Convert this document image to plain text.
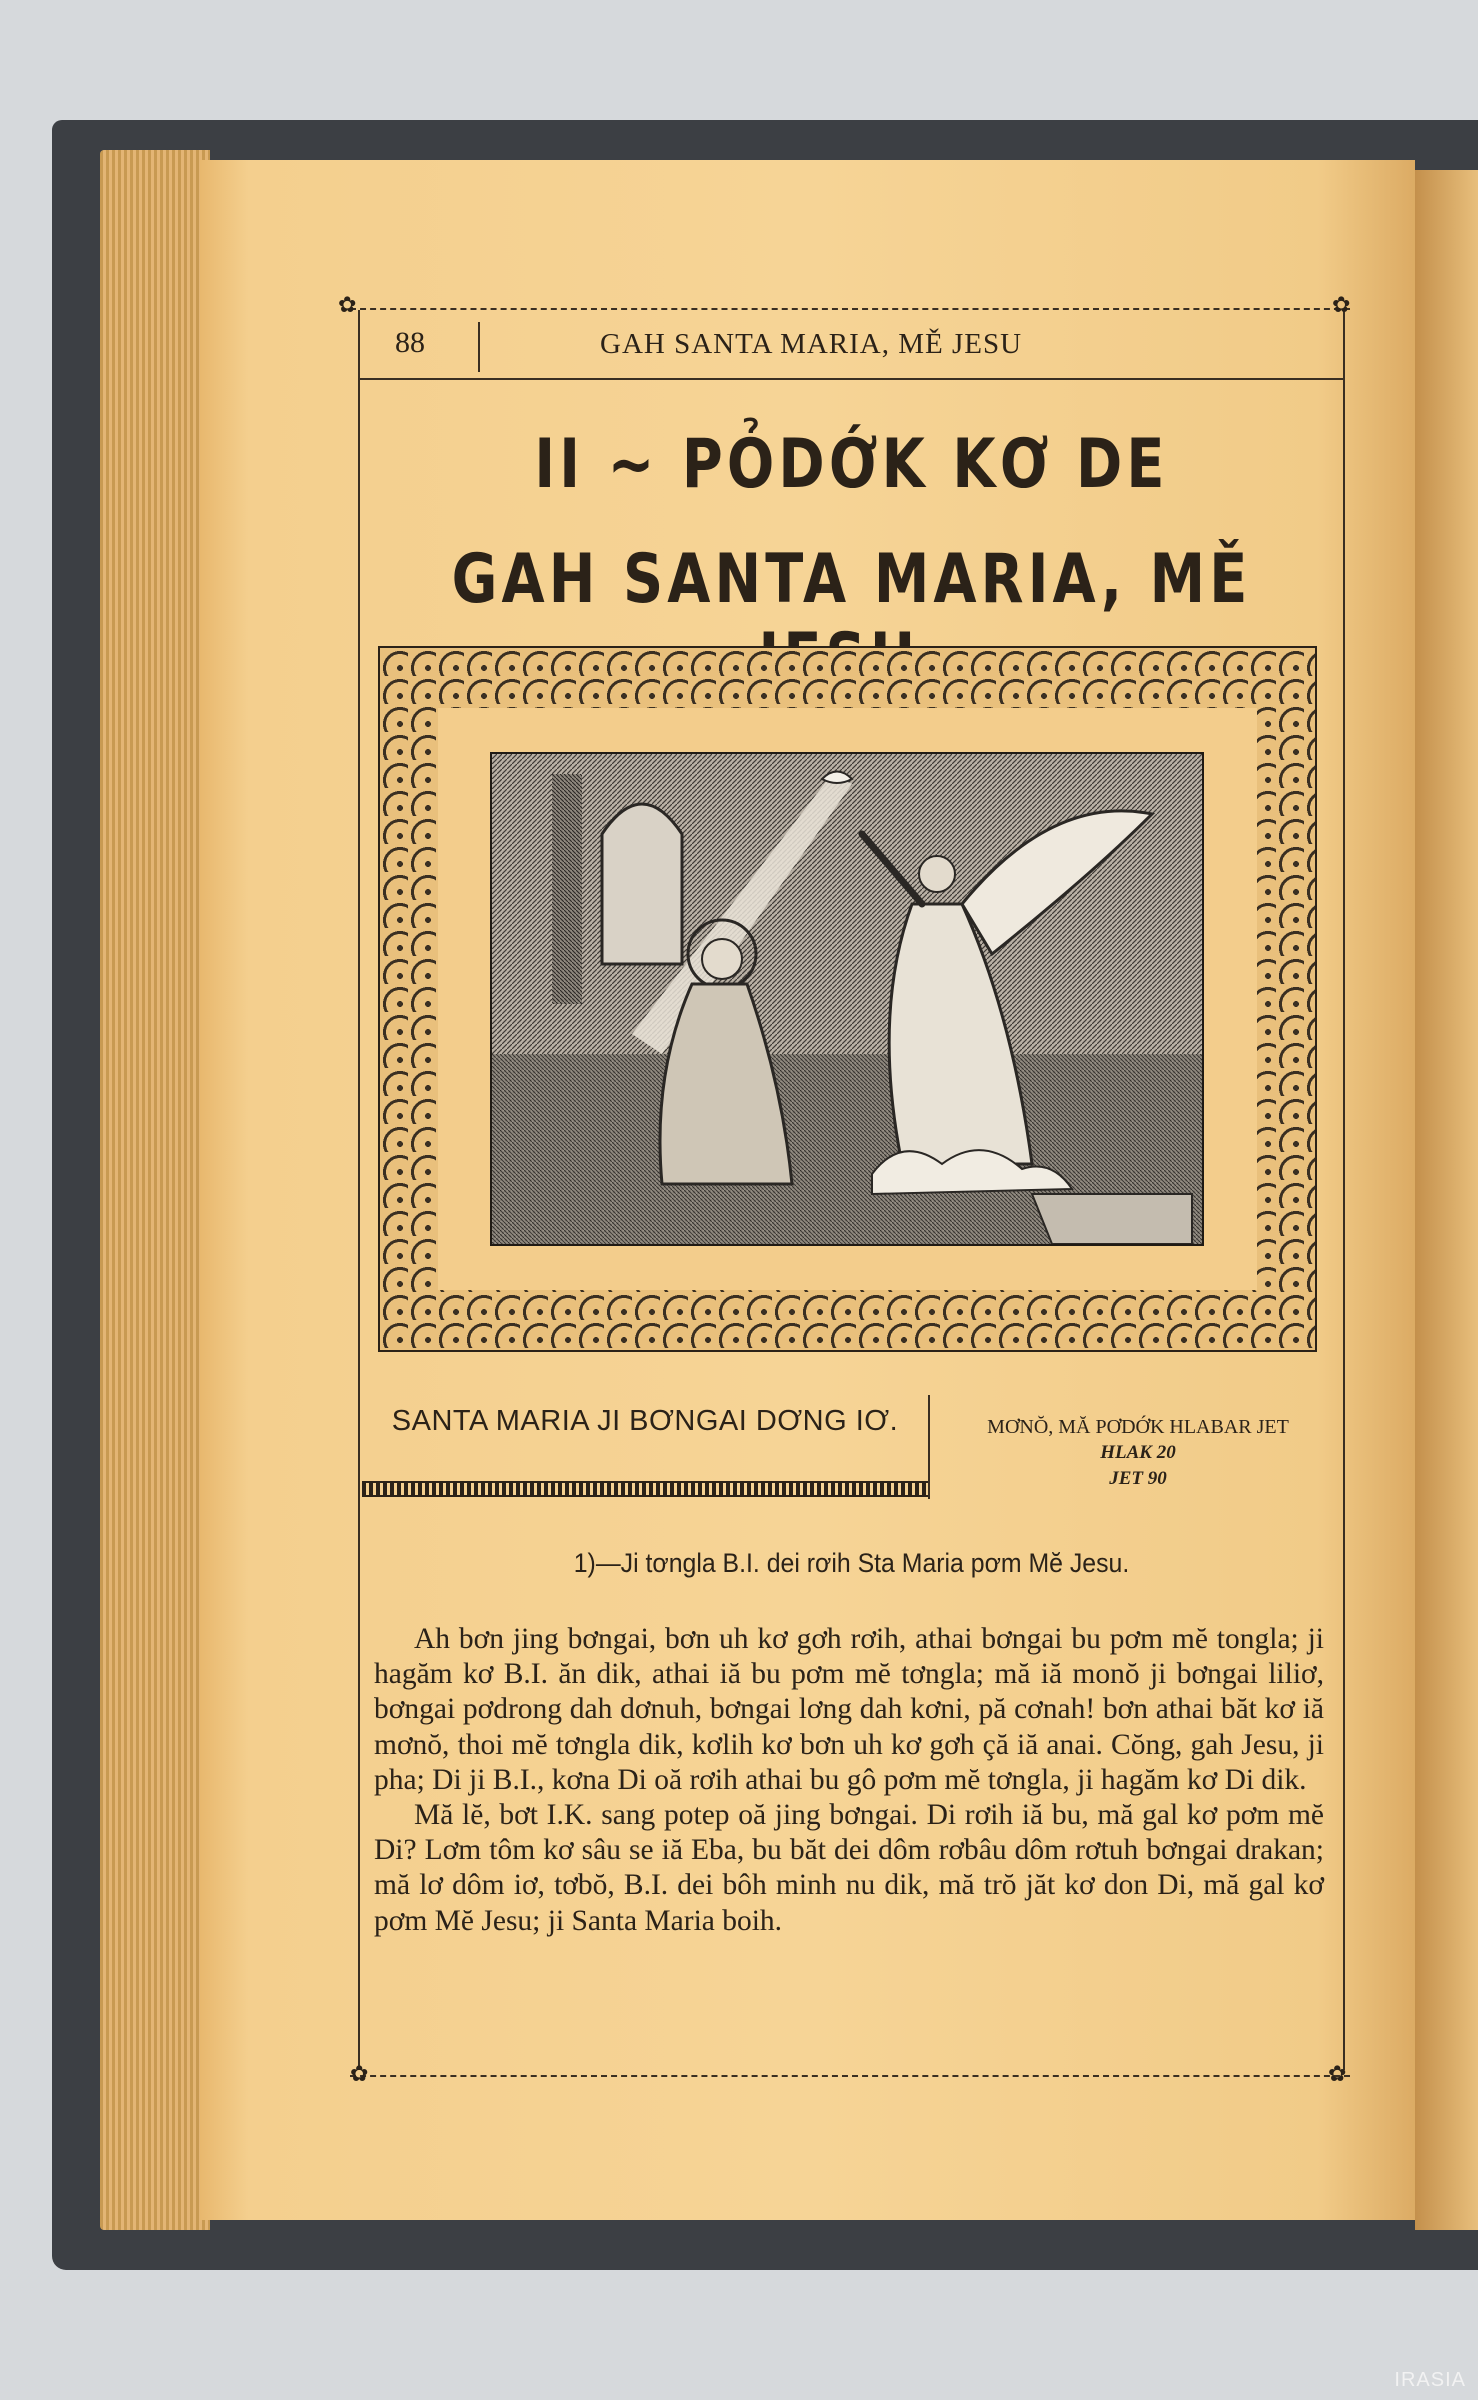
✿	✿
✿	✿
88	GAH SANTA MARIA, MĚ JESU
II ~ PỎDỚK KƠ DE
GAH SANTA MARIA, MĚ
SANTA MARIA JI BƠNGAI DƠNG IƠ.	MƠNŎ, MĂ PƠDỚK HLABAR JET
HLAK 20
JET 90
1)—Ji tơngla B.I. dei rơih Sta Maria pơm Mĕ Jesu.

Ah bơn jing bơngai, bơn uh kơ gơh rơih, athai bơngai bu pơm mĕ tongla; ji hagăm kơ B.I. ăn dik, athai iă bu pơm mĕ tơngla; mă iă monŏ ji bơngai liliơ, bơngai pơdrong dah dơnuh, bơngai lơng dah kơni, pă cơnah! bơn athai băt kơ iă mơnŏ, thoi mĕ tơngla dik, kơlih kơ bơn uh kơ gơh çă iă anai. Cŏng, gah Jesu, ji pha; Di ji B.I., kơna Di oă rơih athai bu gô pơm mĕ tơngla, ji hagăm kơ Di dik.

Mă lĕ, bơt I.K. sang potep oă jing bơngai. Di rơih iă bu, mă gal kơ pơm mĕ Di? Lơm tôm kơ sâu se iă Eba, bu băt dei dôm rơbâu dôm rơtuh bơngai drakan; mă lơ dôm iơ, tơbŏ, B.I. dei bôh minh nu dik, mă trŏ jăt kơ don Di, mă gal kơ pơm Mĕ Jesu; ji Santa Maria boih.

IRASIA
